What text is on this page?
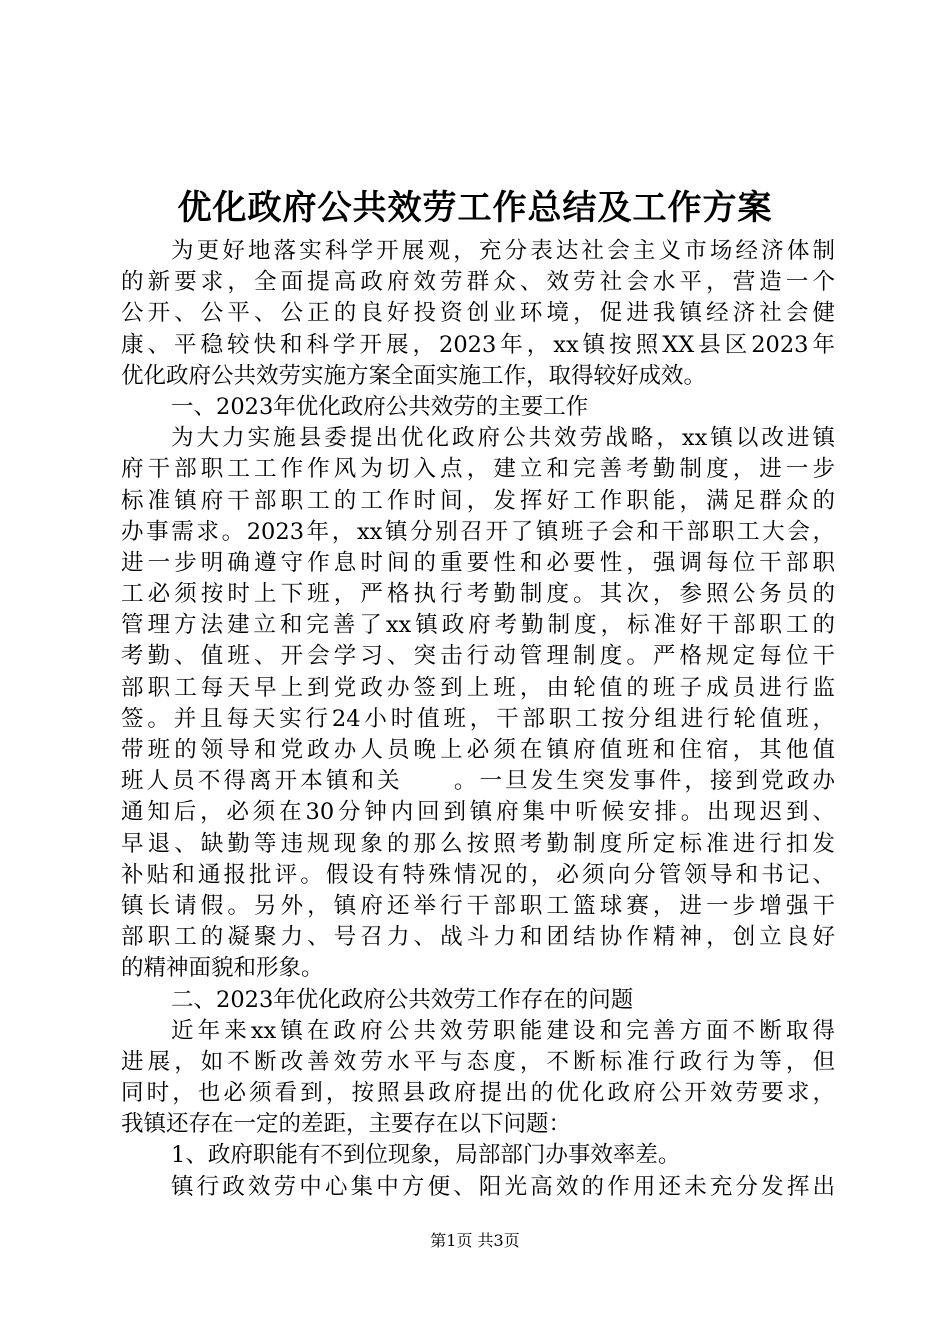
优化政府公共效劳工作总结及工作方案
为更好地落实科学开展观，充分表达社会主义市场经济体制
的新要求，全面提高政府效劳群众、效劳社会水平，营造一个
公开、公平、公正的良好投资创业环境，促进我镇经济社会健
康、平稳较快和科学开展，2023年，xx镇按照XX县区2023年
优化政府公共效劳实施方案全面实施工作，取得较好成效。
一、2023年优化政府公共效劳的主要工作
为大力实施县委提出优化政府公共效劳战略，xx镇以改进镇
府干部职工工作作风为切入点，建立和完善考勤制度，进一步
标准镇府干部职工的工作时间，发挥好工作职能，满足群众的
办事需求。2023年，xx镇分别召开了镇班子会和干部职工大会，
进一步明确遵守作息时间的重要性和必要性，强调每位干部职
工必须按时上下班，严格执行考勤制度。其次，参照公务员的
管理方法建立和完善了xx镇政府考勤制度，标准好干部职工的
考勤、值班、开会学习、突击行动管理制度。严格规定每位干
部职工每天早上到党政办签到上班，由轮值的班子成员进行监
签。并且每天实行24小时值班，干部职工按分组进行轮值班，
带班的领导和党政办人员晚上必须在镇府值班和住宿，其他值
班人员不得离开本镇和关　　。一旦发生突发事件，接到党政办
通知后，必须在30分钟内回到镇府集中听候安排。出现迟到、
早退、缺勤等违规现象的那么按照考勤制度所定标准进行扣发
补贴和通报批评。假设有特殊情况的，必须向分管领导和书记、
镇长请假。另外，镇府还举行干部职工篮球赛，进一步增强干
部职工的凝聚力、号召力、战斗力和团结协作精神，创立良好
的精神面貌和形象。
二、2023年优化政府公共效劳工作存在的问题
近年来xx镇在政府公共效劳职能建设和完善方面不断取得
进展，如不断改善效劳水平与态度，不断标准行政行为等，但
同时，也必须看到，按照县政府提出的优化政府公开效劳要求，
我镇还存在一定的差距，主要存在以下问题：
1、政府职能有不到位现象，局部部门办事效率差。
镇行政效劳中心集中方便、阳光高效的作用还未充分发挥出
第1页 共3页
